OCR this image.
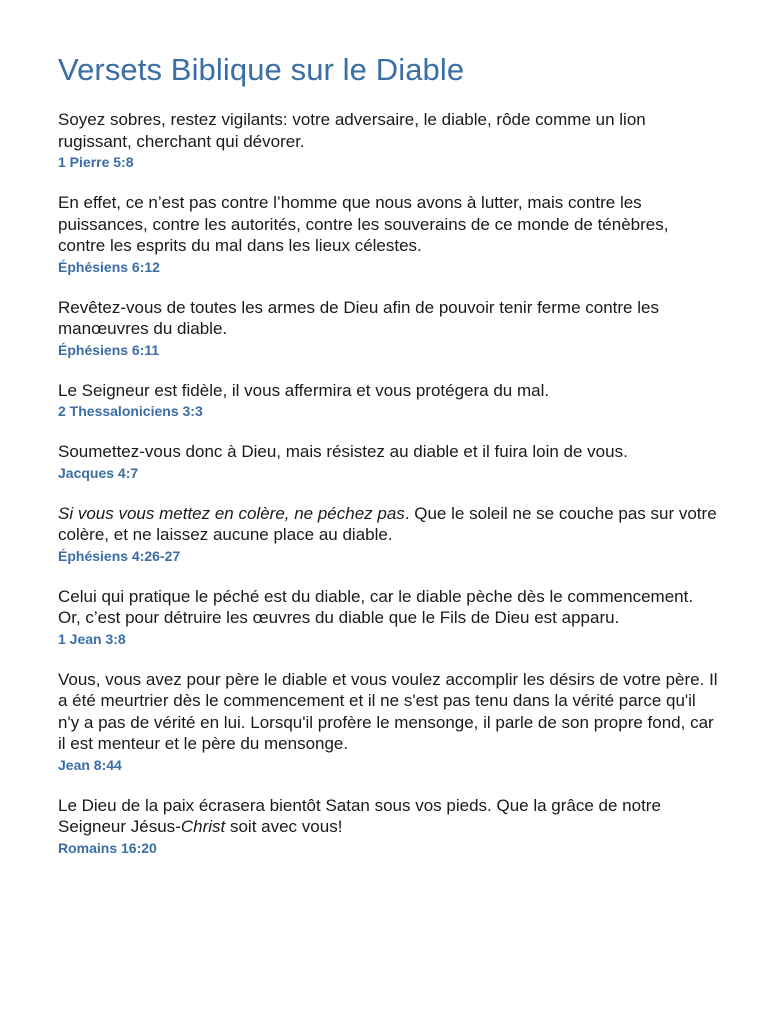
Versets Biblique sur le Diable

Soyez sobres, restez vigilants: votre adversaire, le diable, rôde comme un lion rugissant, cherchant qui dévorer.

1 Pierre 5:8

En effet, ce n’est pas contre l’homme que nous avons à lutter, mais contre les puissances, contre les autorités, contre les souverains de ce monde de ténèbres, contre les esprits du mal dans les lieux célestes.

Éphésiens 6:12

Revêtez-vous de toutes les armes de Dieu afin de pouvoir tenir ferme contre les manœuvres du diable.

Éphésiens 6:11

Le Seigneur est fidèle, il vous affermira et vous protégera du mal.

2 Thessaloniciens 3:3

Soumettez-vous donc à Dieu, mais résistez au diable et il fuira loin de vous.

Jacques 4:7

Si vous vous mettez en colère, ne péchez pas. Que le soleil ne se couche pas sur votre colère, et ne laissez aucune place au diable.

Éphésiens 4:26-27

Celui qui pratique le péché est du diable, car le diable pèche dès le commencement. Or, c’est pour détruire les œuvres du diable que le Fils de Dieu est apparu.

1 Jean 3:8

Vous, vous avez pour père le diable et vous voulez accomplir les désirs de votre père. Il a été meurtrier dès le commencement et il ne s'est pas tenu dans la vérité parce qu'il n'y a pas de vérité en lui. Lorsqu'il profère le mensonge, il parle de son propre fond, car il est menteur et le père du mensonge.

Jean 8:44

Le Dieu de la paix écrasera bientôt Satan sous vos pieds. Que la grâce de notre Seigneur Jésus-Christ soit avec vous!

Romains 16:20
